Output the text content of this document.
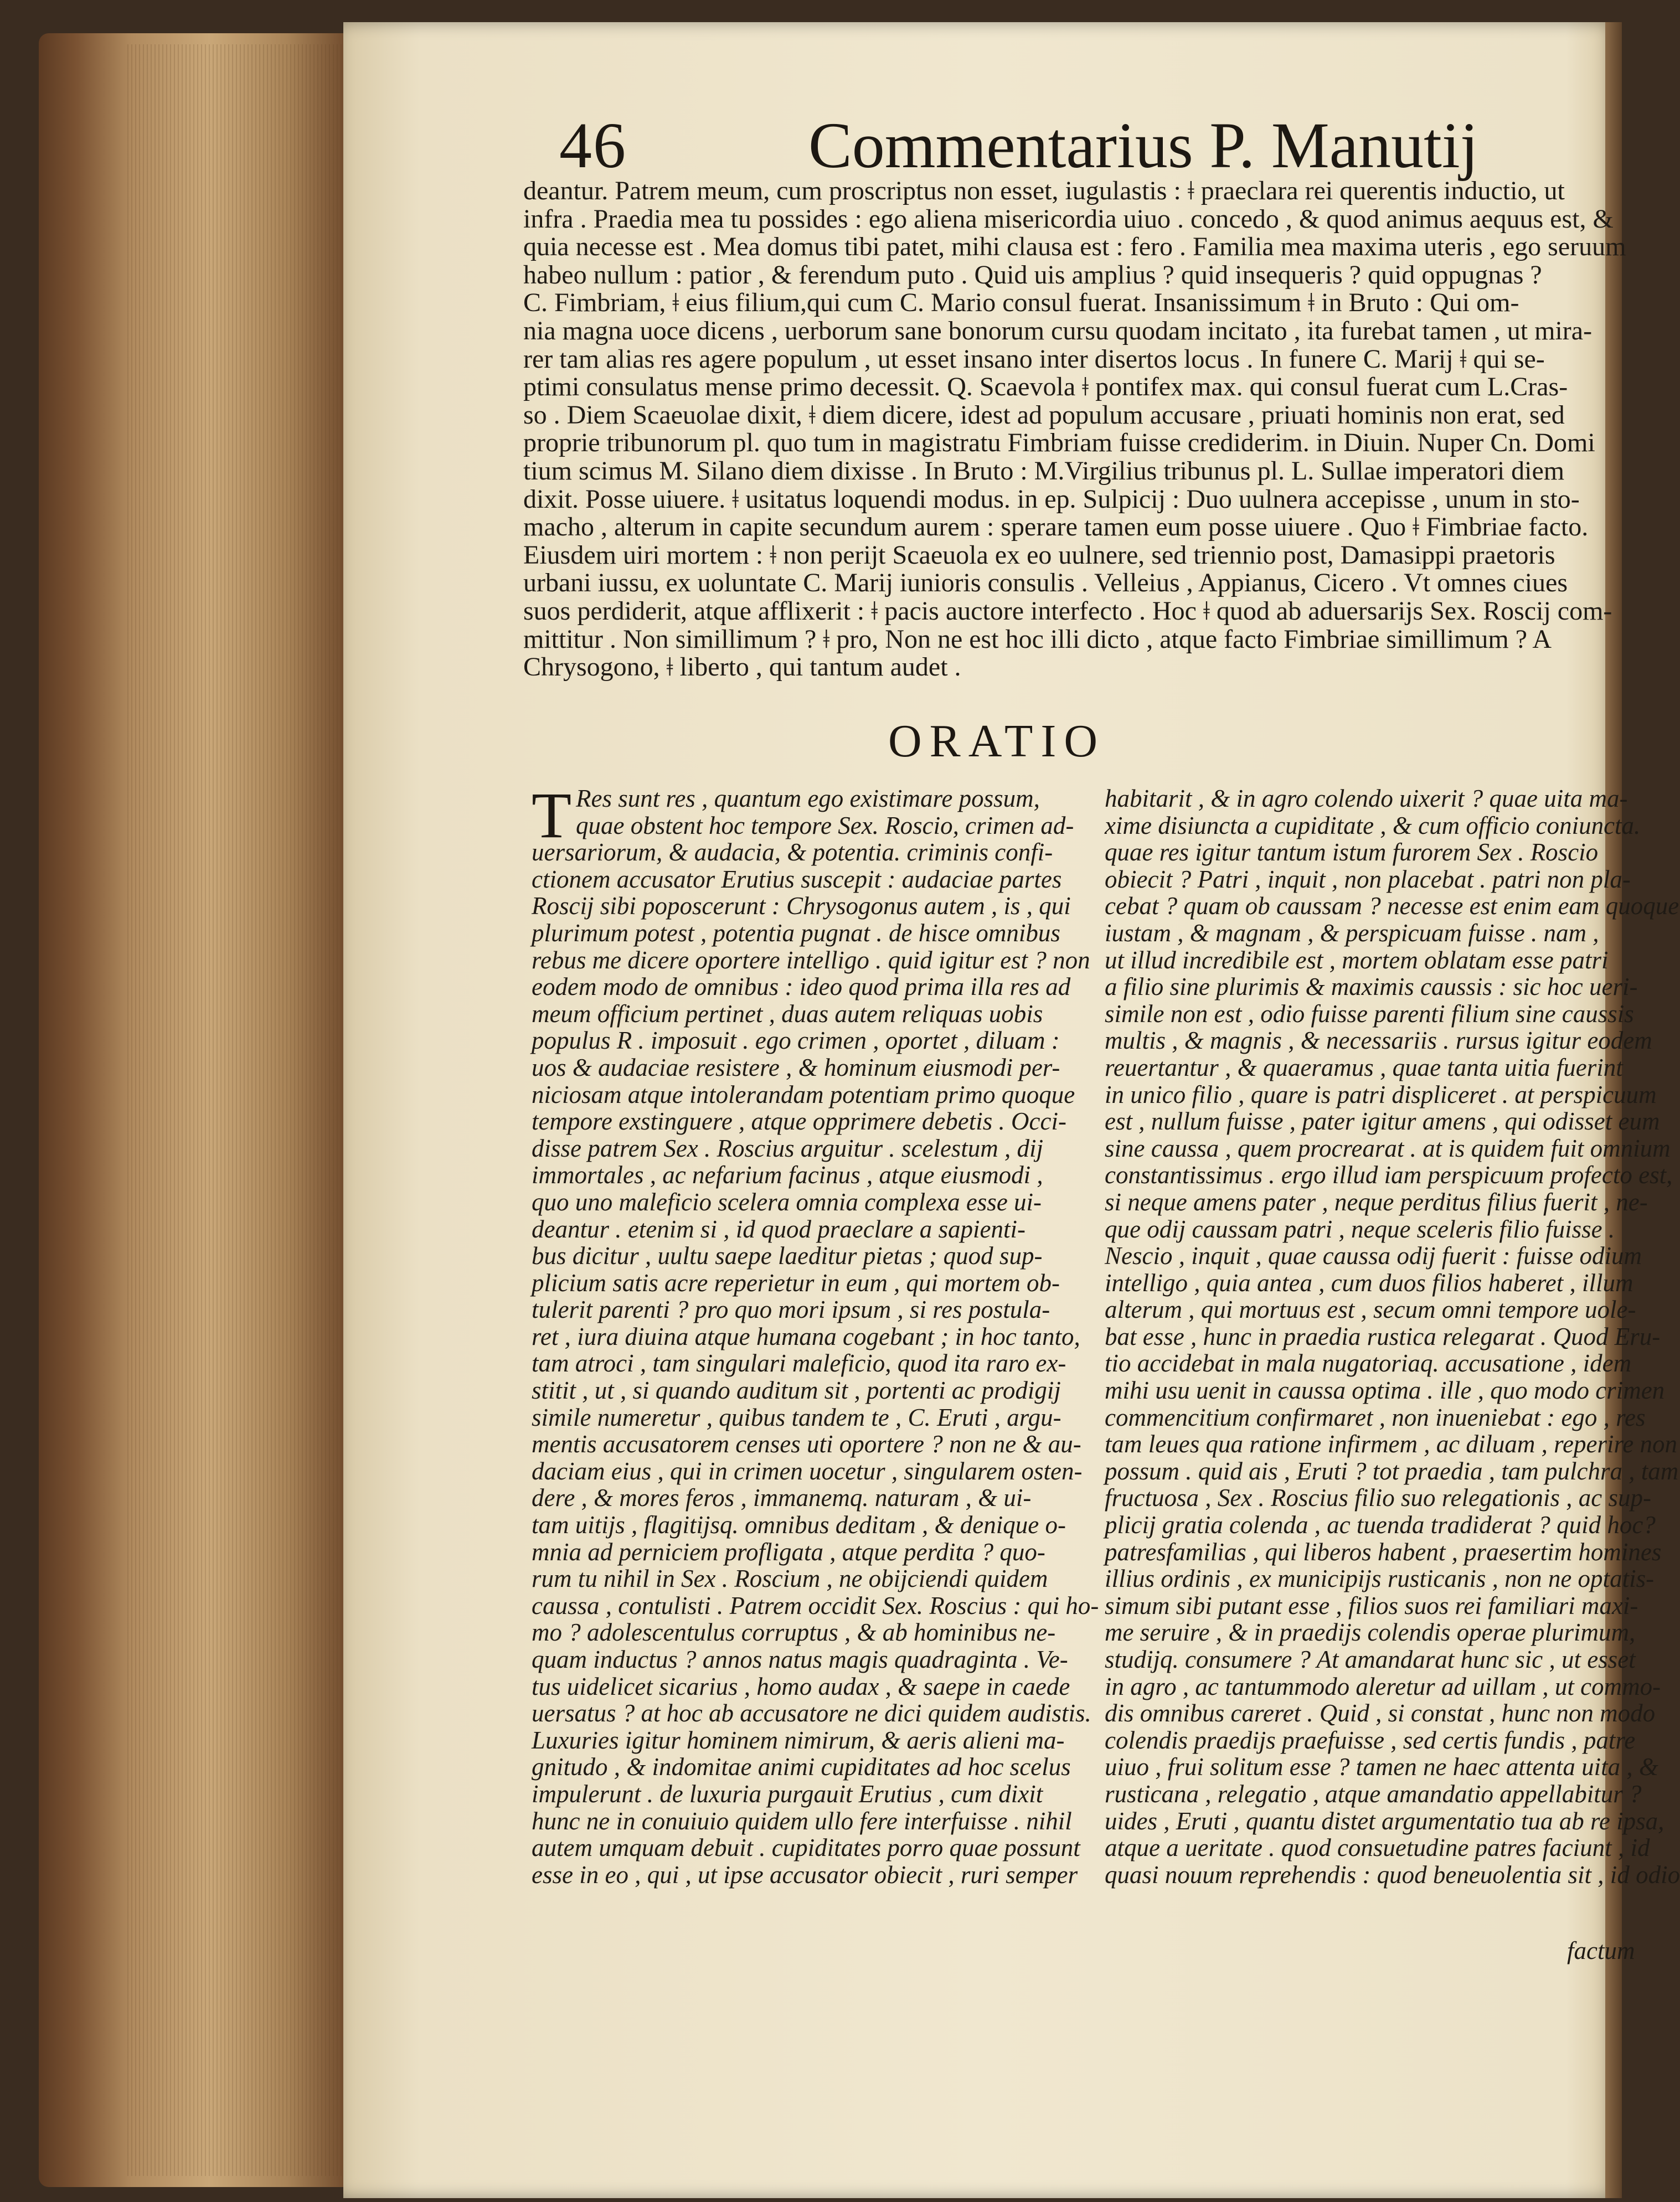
46	Commentarius P. Manutij
deantur. Patrem meum, cum proscriptus non esset, iugulastis : ǂ praeclara rei querentis inductio, ut
infra . Praedia mea tu possides : ego aliena misericordia uiuo . concedo , & quod animus aequus est, &
quia necesse est . Mea domus tibi patet, mihi clausa est : fero . Familia mea maxima uteris , ego seruum
habeo nullum : patior , & ferendum puto . Quid uis amplius ? quid insequeris ? quid oppugnas ?
C. Fimbriam, ǂ eius filium,qui cum C. Mario consul fuerat. Insanissimum ǂ in Bruto : Qui om-
nia magna uoce dicens , uerborum sane bonorum cursu quodam incitato , ita furebat tamen , ut mira-
rer tam alias res agere populum , ut esset insano inter disertos locus . In funere C. Marij ǂ qui se-
ptimi consulatus mense primo decessit. Q. Scaevola ǂ pontifex max. qui consul fuerat cum L.Cras-
so . Diem Scaeuolae dixit, ǂ diem dicere, idest ad populum accusare , priuati hominis non erat, sed
proprie tribunorum pl. quo tum in magistratu Fimbriam fuisse crediderim. in Diuin. Nuper Cn. Domi
tium scimus M. Silano diem dixisse . In Bruto : M.Virgilius tribunus pl. L. Sullae imperatori diem
dixit. Posse uiuere. ǂ usitatus loquendi modus. in ep. Sulpicij : Duo uulnera accepisse , unum in sto-
macho , alterum in capite secundum aurem : sperare tamen eum posse uiuere . Quo ǂ Fimbriae facto.
Eiusdem uiri mortem : ǂ non perijt Scaeuola ex eo uulnere, sed triennio post, Damasippi praetoris
urbani iussu, ex uoluntate C. Marij iunioris consulis . Velleius , Appianus, Cicero . Vt omnes ciues
suos perdiderit, atque afflixerit : ǂ pacis auctore interfecto . Hoc ǂ quod ab aduersarijs Sex. Roscij com-
mittitur . Non simillimum ? ǂ pro, Non ne est hoc illi dicto , atque facto Fimbriae simillimum ? A
Chrysogono, ǂ liberto , qui tantum audet .
ORATIO
T Res sunt res , quantum ego existimare possum,
quae obstent hoc tempore Sex. Roscio, crimen ad-
uersariorum, & audacia, & potentia. criminis confi-
ctionem accusator Erutius suscepit : audaciae partes
Roscij sibi poposcerunt : Chrysogonus autem , is , qui
plurimum potest , potentia pugnat . de hisce omnibus
rebus me dicere oportere intelligo . quid igitur est ? non
eodem modo de omnibus : ideo quod prima illa res ad
meum officium pertinet , duas autem reliquas uobis
populus R . imposuit . ego crimen , oportet , diluam :
uos & audaciae resistere , & hominum eiusmodi per-
niciosam atque intolerandam potentiam primo quoque
tempore exstinguere , atque opprimere debetis . Occi-
disse patrem Sex . Roscius arguitur . scelestum , dij
immortales , ac nefarium facinus , atque eiusmodi ,
quo uno maleficio scelera omnia complexa esse ui-
deantur . etenim si , id quod praeclare a sapienti-
bus dicitur , uultu saepe laeditur pietas ; quod sup-
plicium satis acre reperietur in eum , qui mortem ob-
tulerit parenti ? pro quo mori ipsum , si res postula-
ret , iura diuina atque humana cogebant ; in hoc tanto,
tam atroci , tam singulari maleficio, quod ita raro ex-
stitit , ut , si quando auditum sit , portenti ac prodigij
simile numeretur , quibus tandem te , C. Eruti , argu-
mentis accusatorem censes uti oportere ? non ne & au-
daciam eius , qui in crimen uocetur , singularem osten-
dere , & mores feros , immanemq. naturam , & ui-
tam uitijs , flagitijsq. omnibus deditam , & denique o-
mnia ad perniciem profligata , atque perdita ? quo-
rum tu nihil in Sex . Roscium , ne obijciendi quidem
caussa , contulisti . Patrem occidit Sex. Roscius : qui ho-
mo ? adolescentulus corruptus , & ab hominibus ne-
quam inductus ? annos natus magis quadraginta . Ve-
tus uidelicet sicarius , homo audax , & saepe in caede
uersatus ? at hoc ab accusatore ne dici quidem audistis.
Luxuries igitur hominem nimirum, & aeris alieni ma-
gnitudo , & indomitae animi cupiditates ad hoc scelus
impulerunt . de luxuria purgauit Erutius , cum dixit
hunc ne in conuiuio quidem ullo fere interfuisse . nihil
autem umquam debuit . cupiditates porro quae possunt
esse in eo , qui , ut ipse accusator obiecit , ruri semper
habitarit , & in agro colendo uixerit ? quae uita ma-
xime disiuncta a cupiditate , & cum officio coniuncta.
quae res igitur tantum istum furorem Sex . Roscio
obiecit ? Patri , inquit , non placebat . patri non pla-
cebat ? quam ob caussam ? necesse est enim eam quoque
iustam , & magnam , & perspicuam fuisse . nam ,
ut illud incredibile est , mortem oblatam esse patri
a filio sine plurimis & maximis caussis : sic hoc ueri-
simile non est , odio fuisse parenti filium sine caussis
multis , & magnis , & necessariis . rursus igitur eodem
reuertantur , & quaeramus , quae tanta uitia fuerint
in unico filio , quare is patri displiceret . at perspicuum
est , nullum fuisse , pater igitur amens , qui odisset eum
sine caussa , quem procrearat . at is quidem fuit omnium
constantissimus . ergo illud iam perspicuum profecto est,
si neque amens pater , neque perditus filius fuerit , ne-
que odij caussam patri , neque sceleris filio fuisse .
Nescio , inquit , quae caussa odij fuerit : fuisse odium
intelligo , quia antea , cum duos filios haberet , illum
alterum , qui mortuus est , secum omni tempore uole-
bat esse , hunc in praedia rustica relegarat . Quod Eru-
tio accidebat in mala nugatoriaq. accusatione , idem
mihi usu uenit in caussa optima . ille , quo modo crimen
commencitium confirmaret , non inueniebat : ego , res
tam leues qua ratione infirmem , ac diluam , reperire non
possum . quid ais , Eruti ? tot praedia , tam pulchra , tam
fructuosa , Sex . Roscius filio suo relegationis , ac sup-
plicij gratia colenda , ac tuenda tradiderat ? quid hoc?
patresfamilias , qui liberos habent , praesertim homines
illius ordinis , ex municipijs rusticanis , non ne optatis-
simum sibi putant esse , filios suos rei familiari maxi-
me seruire , & in praedijs colendis operae plurimum,
studijq. consumere ? At amandarat hunc sic , ut esset
in agro , ac tantummodo aleretur ad uillam , ut commo-
dis omnibus careret . Quid , si constat , hunc non modo
colendis praedijs praefuisse , sed certis fundis , patre
uiuo , frui solitum esse ? tamen ne haec attenta uita , &
rusticana , relegatio , atque amandatio appellabitur ?
uides , Eruti , quantu distet argumentatio tua ab re ipsa,
atque a ueritate . quod consuetudine patres faciunt , id
quasi nouum reprehendis : quod beneuolentia sit , id odio
factum
